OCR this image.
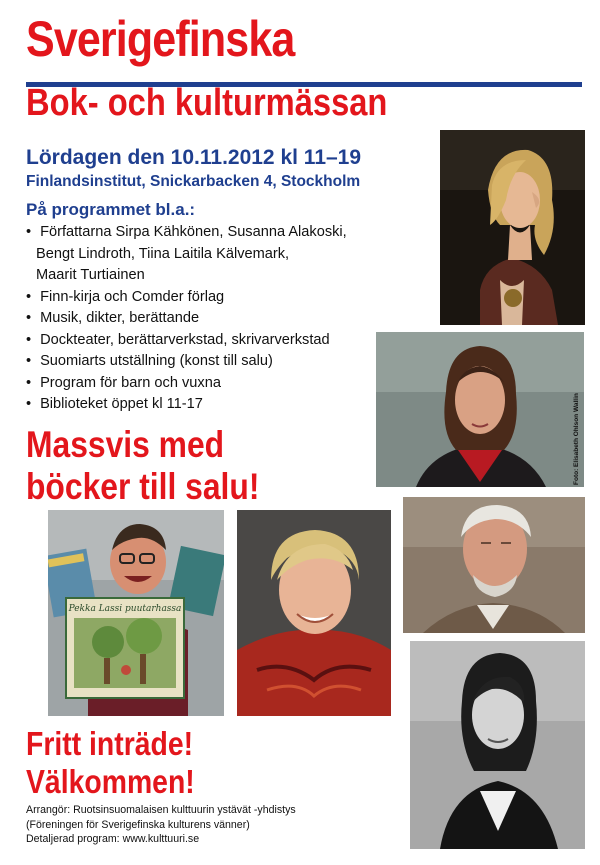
Sverigefinska
Bok- och kulturmässan
Lördagen den 10.11.2012 kl 11–19
Finlandsinstitut, Snickarbacken 4, Stockholm
På programmet bl.a.:
• Författarna Sirpa Kähkönen, Susanna Alakoski,
Bengt Lindroth, Tiina Laitila Kälvemark,
Maarit Turtiainen
• Finn-kirja och Comder förlag
• Musik, dikter, berättande
• Dockteater, berättarverkstad, skrivarverkstad
• Suomiarts utställning (konst till salu)
• Program för barn och vuxna
• Biblioteket öppet kl 11-17
Massvis med
böcker till salu!
Fritt inträde!
Välkommen!
Arrangör: Ruotsinsuomalaisen kulttuurin ystävät -yhdistys
(Föreningen för Sverigefinska kulturens vänner)
Detaljerad program: www.kulttuuri.se
Foto: Elisabeth Ohlson Wallin
Pekka Lassi puutarhassa
